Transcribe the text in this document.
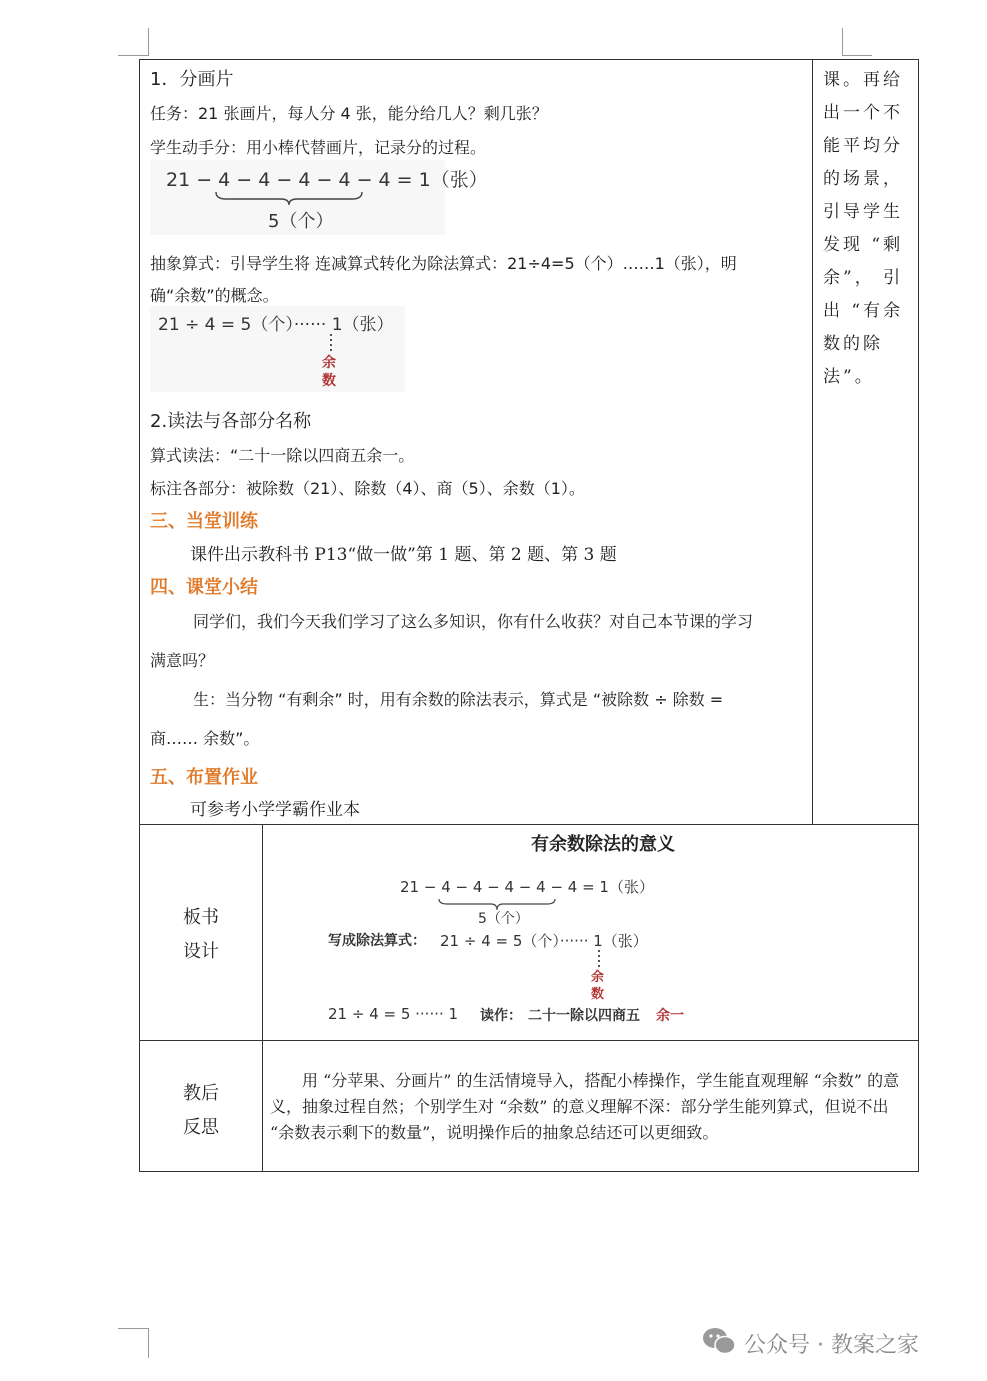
1．分画片
任务：21 张画片，每人分 4 张，能分给几人？剩几张？
学生动手分：用小棒代替画片，记录分的过程。
21 − 4 − 4 − 4 − 4 − 4 = 1（张）
5（个）
抽象算式：引导学生将 连减算式转化为除法算式：21÷4=5（个）……1（张），明
确“余数”的概念。
21 ÷ 4 = 5（个）······ 1（张）
余
数
2.读法与各部分名称
算式读法：“二十一除以四商五余一。
标注各部分：被除数（21）、除数（4）、商（5）、余数（1）。
三、当堂训练
课件出示教科书 P13“做一做”第 1 题、第 2 题、第 3 题
四、课堂小结
同学们，我们今天我们学习了这么多知识，你有什么收获？对自己本节课的学习
满意吗？
生：当分物 “有剩余” 时，用有余数的除法表示，算式是 “被除数 ÷ 除数 =
商…… 余数”。
五、布置作业
可参考小学学霸作业本
课。再给
出一个不
能平均分
的场景，
引导学生
发现 “剩
余”， 引
出 “有余
数的除
法”。
板书
设计
有余数除法的意义
21 − 4 − 4 − 4 − 4 − 4 = 1（张）
5（个）
写成除法算式： 21 ÷ 4 = 5（个）······ 1（张）
余
数
21 ÷ 4 = 5 ······ 1 读作： 二十一除以四商五 余一
教后
反思
用 “分苹果、分画片” 的生活情境导入，搭配小棒操作，学生能直观理解 “余数” 的意义，抽象过程自然；个别学生对 “余数” 的意义理解不深：部分学生能列算式，但说不出 “余数表示剩下的数量”，说明操作后的抽象总结还可以更细致。
公众号 · 教案之家
